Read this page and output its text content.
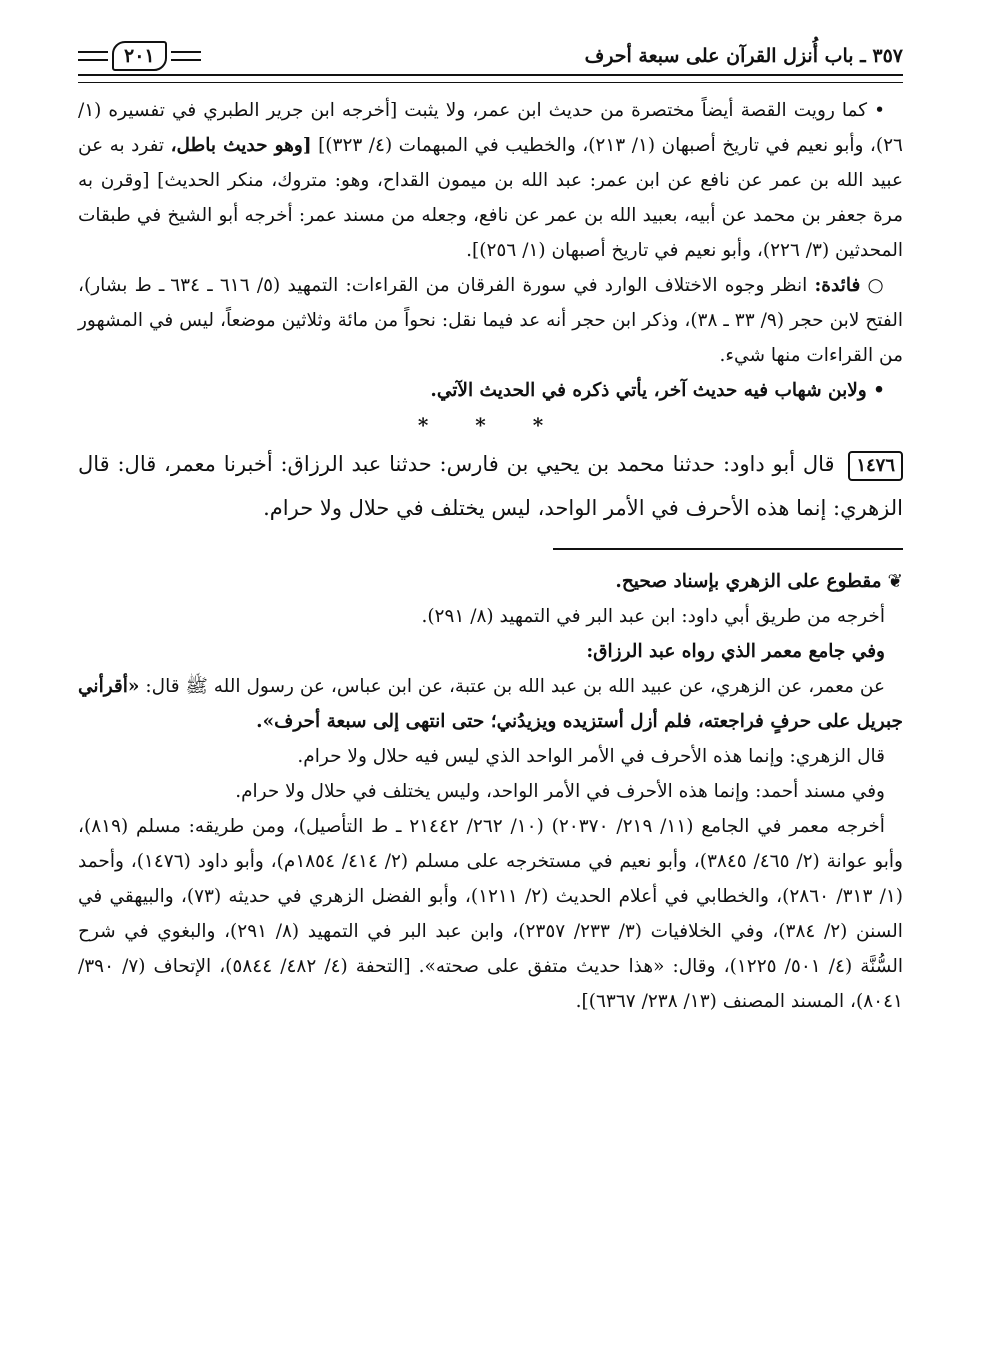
٣٥٧ ـ باب أُنزل القرآن على سبعة أحرف
٢٠١

• كما رويت القصة أيضاً مختصرة من حديث ابن عمر، ولا يثبت [أخرجه ابن جرير الطبري في تفسيره (١/ ٢٦)، وأبو نعيم في تاريخ أصبهان (١/ ٢١٣)، والخطيب في المبهمات (٤/ ٣٢٣)] [وهو حديث باطل، تفرد به عن عبيد الله بن عمر عن نافع عن ابن عمر: عبد الله بن ميمون القداح، وهو: متروك، منكر الحديث] [وقرن به مرة جعفر بن محمد عن أبيه، بعبيد الله بن عمر عن نافع، وجعله من مسند عمر: أخرجه أبو الشيخ في طبقات المحدثين (٣/ ٢٢٦)، وأبو نعيم في تاريخ أصبهان (١/ ٢٥٦)].

○ فائدة: انظر وجوه الاختلاف الوارد في سورة الفرقان من القراءات: التمهيد (٥/ ٦١٦ ـ ٦٣٤ ـ ط بشار)، الفتح لابن حجر (٩/ ٣٣ ـ ٣٨)، وذكر ابن حجر أنه عد فيما نقل: نحواً من مائة وثلاثين موضعاً، ليس في المشهور من القراءات منها شيء.

• ولابن شهاب فيه حديث آخر، يأتي ذكره في الحديث الآتي.

* * *
١٤٧٦ قال أبو داود: حدثنا محمد بن يحيي بن فارس: حدثنا عبد الرزاق: أخبرنا معمر، قال: قال الزهري: إنما هذه الأحرف في الأمر الواحد، ليس يختلف في حلال ولا حرام.

❦ مقطوع على الزهري بإسناد صحيح.

أخرجه من طريق أبي داود: ابن عبد البر في التمهيد (٨/ ٢٩١).

وفي جامع معمر الذي رواه عبد الرزاق:

عن معمر، عن الزهري، عن عبيد الله بن عبد الله بن عتبة، عن ابن عباس، عن رسول الله ﷺ قال: «أقرأني جبريل على حرفٍ فراجعته، فلم أزل أستزيده ويزيدُني؛ حتى انتهى إلى سبعة أحرف».

قال الزهري: وإنما هذه الأحرف في الأمر الواحد الذي ليس فيه حلال ولا حرام.

وفي مسند أحمد: وإنما هذه الأحرف في الأمر الواحد، وليس يختلف في حلال ولا حرام.

أخرجه معمر في الجامع (١١/ ٢١٩/ ٢٠٣٧٠) (١٠/ ٢٦٢/ ٢١٤٤٢ ـ ط التأصيل)، ومن طريقه: مسلم (٨١٩)، وأبو عوانة (٢/ ٤٦٥/ ٣٨٤٥)، وأبو نعيم في مستخرجه على مسلم (٢/ ٤١٤/ ١٨٥٤م)، وأبو داود (١٤٧٦)، وأحمد (١/ ٣١٣/ ٢٨٦٠)، والخطابي في أعلام الحديث (٢/ ١٢١١)، وأبو الفضل الزهري في حديثه (٧٣)، والبيهقي في السنن (٢/ ٣٨٤)، وفي الخلافيات (٣/ ٢٣٣/ ٢٣٥٧)، وابن عبد البر في التمهيد (٨/ ٢٩١)، والبغوي في شرح السُّنَّة (٤/ ٥٠١/ ١٢٢٥)، وقال: «هذا حديث متفق على صحته». [التحفة (٤/ ٤٨٢/ ٥٨٤٤)، الإتحاف (٧/ ٣٩٠/ ٨٠٤١)، المسند المصنف (١٣/ ٢٣٨/ ٦٣٦٧)].
